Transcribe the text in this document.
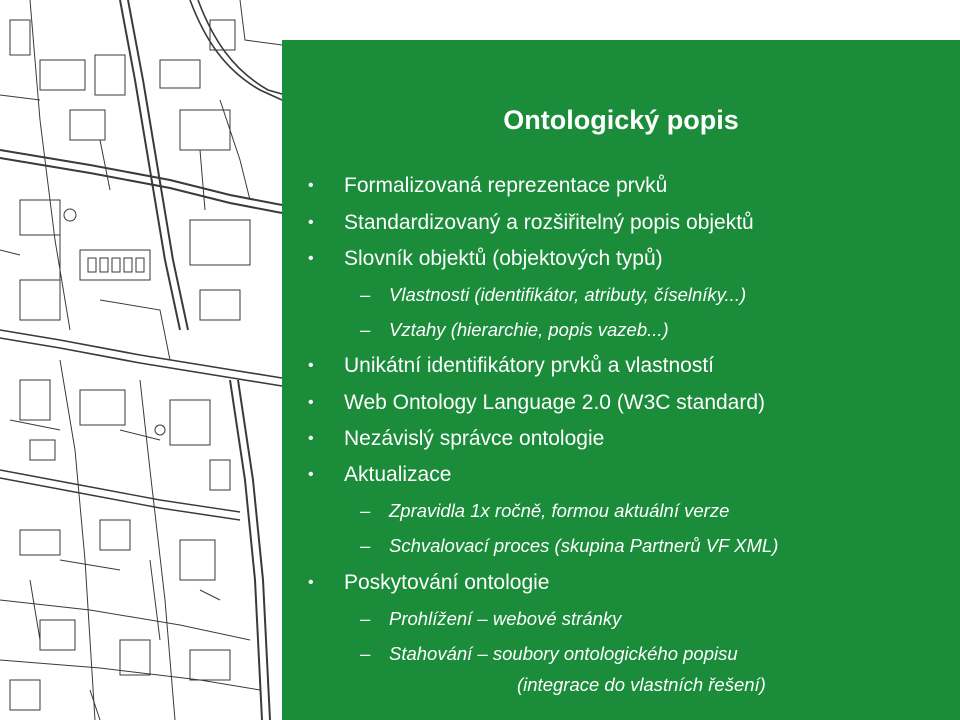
Ontologický popis
• Formalizovaná reprezentace prvků
• Standardizovaný a rozšiřitelný popis objektů
• Slovník objektů (objektových typů)
– Vlastnosti (identifikátor, atributy, číselníky...)
– Vztahy (hierarchie, popis vazeb...)
• Unikátní identifikátory prvků a vlastností
• Web Ontology Language 2.0 (W3C standard)
• Nezávislý správce ontologie
• Aktualizace
– Zpravidla 1x ročně, formou aktuální verze
– Schvalovací proces (skupina Partnerů VF XML)
• Poskytování ontologie
– Prohlížení – webové stránky
– Stahování – soubory ontologického popisu
(integrace do vlastních řešení)
